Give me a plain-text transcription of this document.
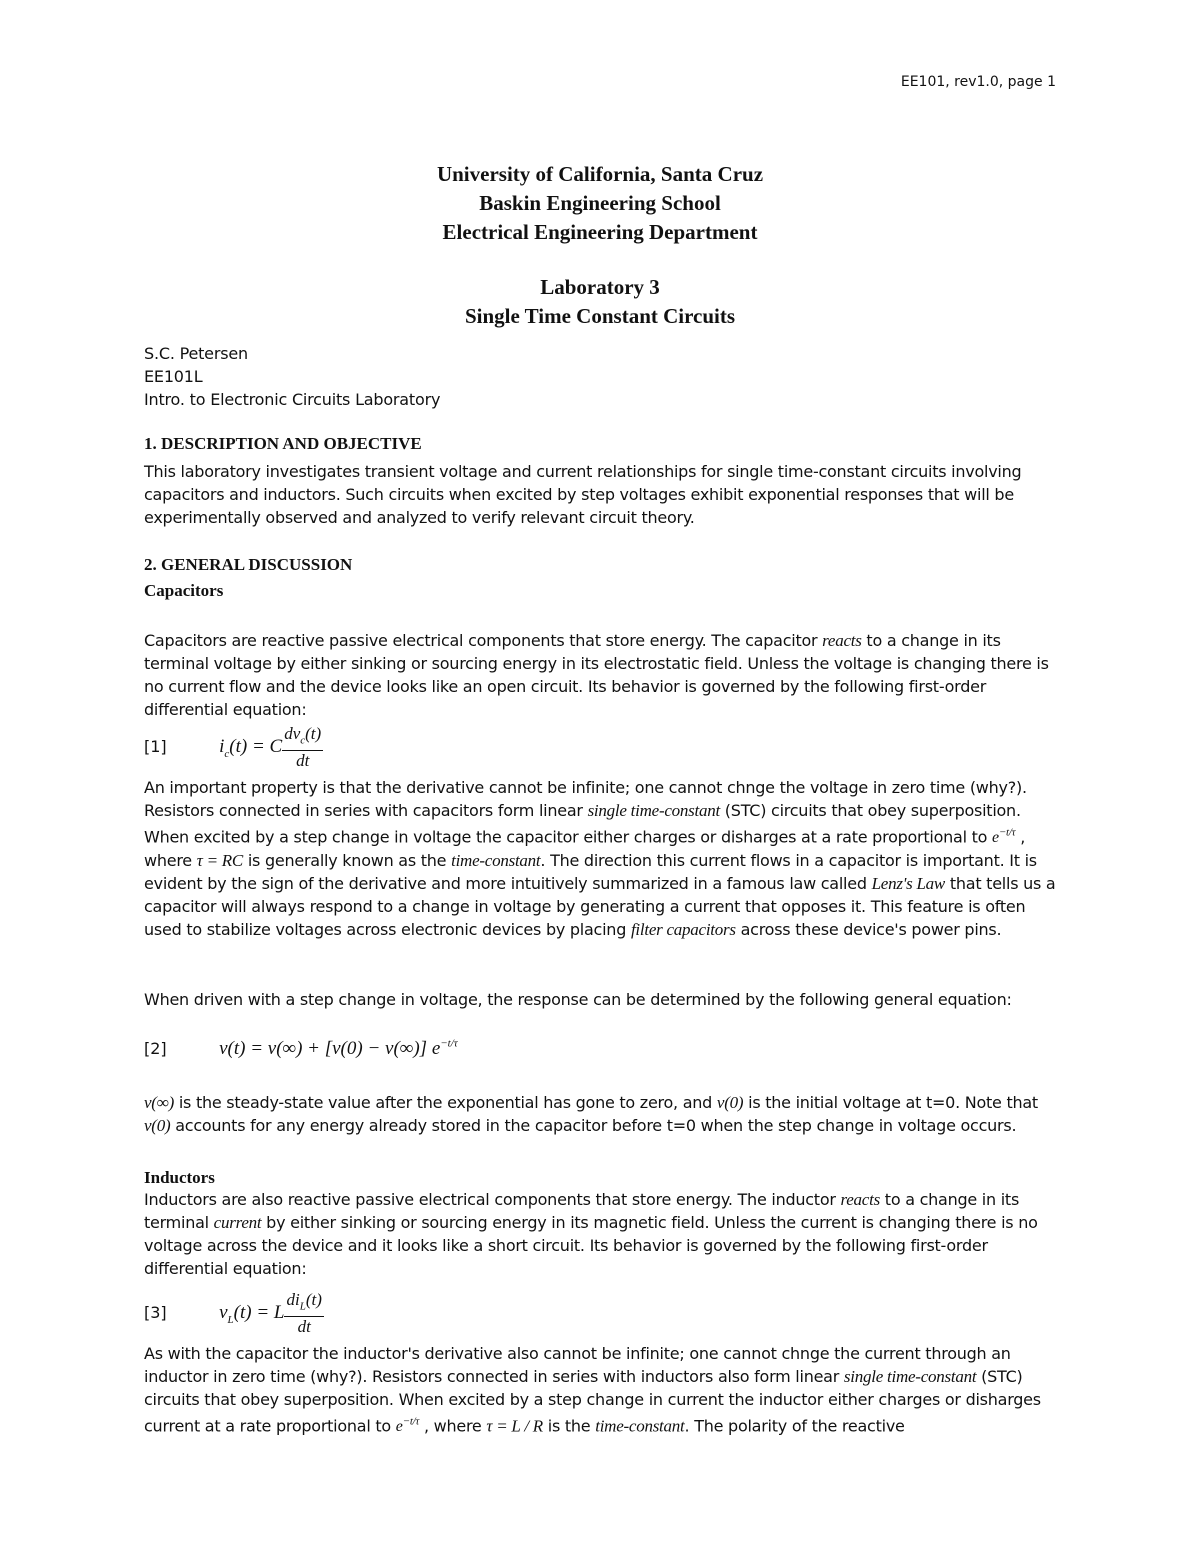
EE101, rev1.0, page 1
University of California, Santa Cruz
Baskin Engineering School
Electrical Engineering Department
Laboratory 3
Single Time Constant Circuits
S.C. Petersen
EE101L
Intro. to Electronic Circuits Laboratory
1. DESCRIPTION AND OBJECTIVE

This laboratory investigates transient voltage and current relationships for single time-constant circuits involving capacitors and inductors. Such circuits when excited by step voltages exhibit exponential responses that will be experimentally observed and analyzed to verify relevant circuit theory.

2. GENERAL DISCUSSION
Capacitors

Capacitors are reactive passive electrical components that store energy. The capacitor reacts to a change in its terminal voltage by either sinking or sourcing energy in its electrostatic field. Unless the voltage is changing there is no current flow and the device looks like an open circuit. Its behavior is governed by the following first-order differential equation:

[1]	$i_c(t) = C \frac{dv_c(t)}{dt}$

An important property is that the derivative cannot be infinite; one cannot chnge the voltage in zero time (why?). Resistors connected in series with capacitors form linear single time-constant (STC) circuits that obey superposition. When excited by a step change in voltage the capacitor either charges or disharges at a rate proportional to $e^{-t/\tau}$ , where τ = RC is generally known as the time-constant. The direction this current flows in a capacitor is important. It is evident by the sign of the derivative and more intuitively summarized in a famous law called Lenz's Law that tells us a capacitor will always respond to a change in voltage by generating a current that opposes it. This feature is often used to stabilize voltages across electronic devices by placing filter capacitors across these device's power pins.

When driven with a step change in voltage, the response can be determined by the following general equation:

[2]	v(t) = v(∞) + [v(0) − v(∞)] $e^{-t/\tau}$

v(∞) is the steady-state value after the exponential has gone to zero, and v(0) is the initial voltage at t=0. Note that v(0) accounts for any energy already stored in the capacitor before t=0 when the step change in voltage occurs.

Inductors

Inductors are also reactive passive electrical components that store energy. The inductor reacts to a change in its terminal current by either sinking or sourcing energy in its magnetic field. Unless the current is changing there is no voltage across the device and it looks like a short circuit. Its behavior is governed by the following first-order differential equation:

[3]	$v_L(t) = L \frac{di_L(t)}{dt}$

As with the capacitor the inductor's derivative also cannot be infinite; one cannot chnge the current through an inductor in zero time (why?). Resistors connected in series with inductors also form linear single time-constant (STC) circuits that obey superposition. When excited by a step change in current the inductor either charges or disharges current at a rate proportional to $e^{-t/\tau}$ , where τ = L / R is the time-constant. The polarity of the reactive
